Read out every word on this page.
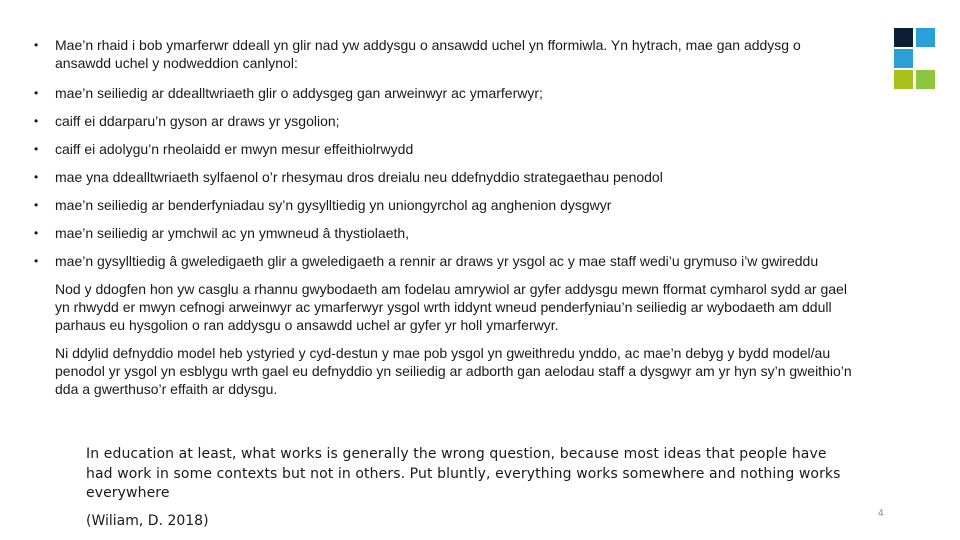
• Mae’n rhaid i bob ymarferwr ddeall yn glir nad yw addysgu o ansawdd uchel yn fformiwla. Yn hytrach, mae gan addysg o ansawdd uchel y nodweddion canlynol:

• mae’n seiliedig ar ddealltwriaeth glir o addysgeg gan arweinwyr ac ymarferwyr;

• caiff ei ddarparu’n gyson ar draws yr ysgolion;

• caiff ei adolygu’n rheolaidd er mwyn mesur effeithiolrwydd

• mae yna ddealltwriaeth sylfaenol o’r rhesymau dros dreialu neu ddefnyddio strategaethau penodol

• mae’n seiliedig ar benderfyniadau sy’n gysylltiedig yn uniongyrchol ag anghenion dysgwyr

• mae’n seiliedig ar ymchwil ac yn ymwneud â thystiolaeth,

• mae’n gysylltiedig â gweledigaeth glir a gweledigaeth a rennir ar draws yr ysgol ac y mae staff wedi’u grymuso i’w gwireddu

Nod y ddogfen hon yw casglu a rhannu gwybodaeth am fodelau amrywiol ar gyfer addysgu mewn fformat cymharol sydd ar gael yn rhwydd er mwyn cefnogi arweinwyr ac ymarferwyr ysgol wrth iddynt wneud penderfyniau’n seiliedig ar wybodaeth am ddull parhaus eu hysgolion o ran addysgu o ansawdd uchel ar gyfer yr holl ymarferwyr.

Ni ddylid defnyddio model heb ystyried y cyd-destun y mae pob ysgol yn gweithredu ynddo, ac mae’n debyg y bydd model/au penodol yr ysgol yn esblygu wrth gael eu defnyddio yn seiliedig ar adborth gan aelodau staff a dysgwyr am yr hyn sy’n gweithio’n dda a gwerthuso’r effaith ar ddysgu.

In education at least, what works is generally the wrong question, because most ideas that people have had work in some contexts but not in others. Put bluntly, everything works somewhere and nothing works everywhere
(Wiliam, D. 2018)	4
